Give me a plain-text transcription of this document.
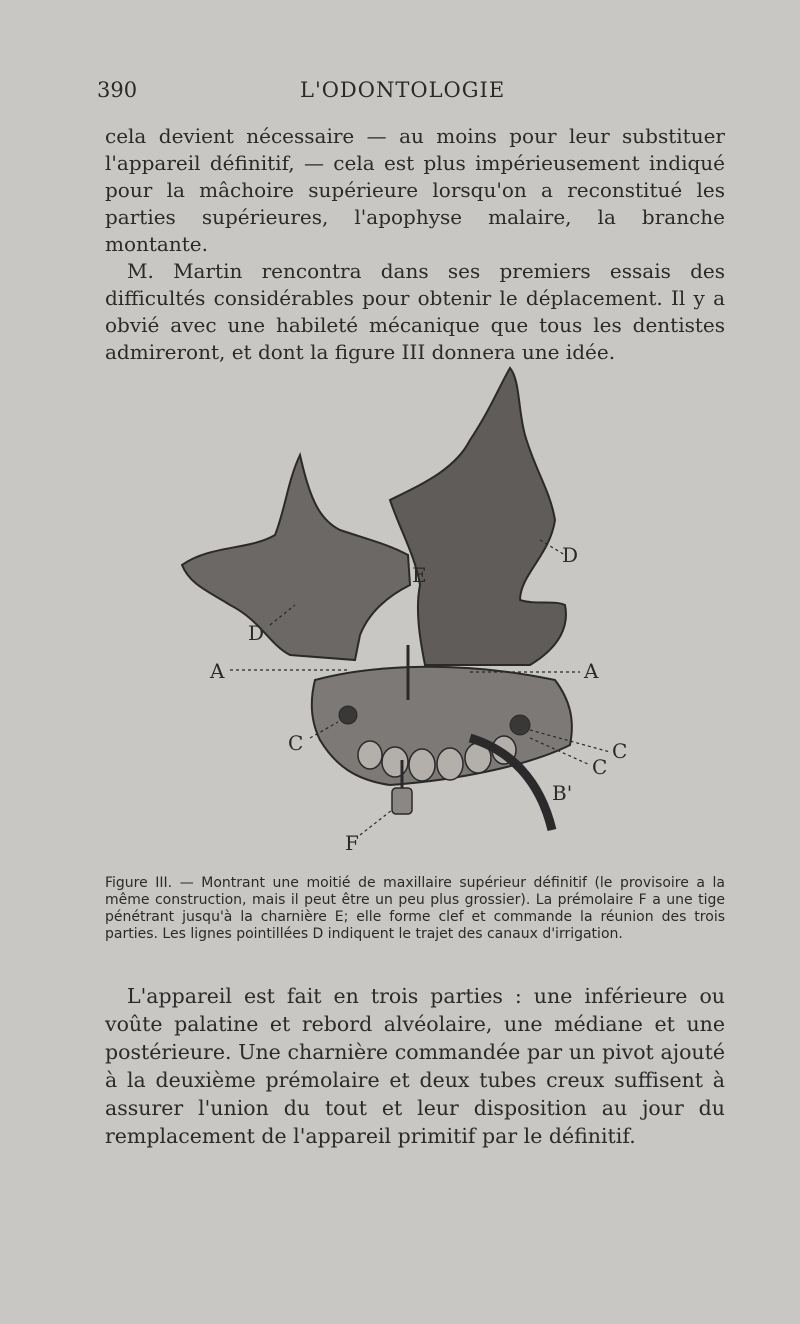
390	L'ODONTOLOGIE

cela devient nécessaire — au moins pour leur substituer l'appareil définitif, — cela est plus impérieusement indiqué pour la mâchoire supérieure lorsqu'on a reconstitué les parties supérieures, l'apophyse malaire, la branche montante.

M. Martin rencontra dans ses premiers essais des difficultés considérables pour obtenir le déplacement. Il y a obvié avec une habileté mécanique que tous les dentistes admireront, et dont la figure III donnera une idée.

D
D
E
A	A
C	C
C
B'
F
Figure III. — Montrant une moitié de maxillaire supérieur définitif (le provisoire a la même construction, mais il peut être un peu plus grossier). La prémolaire F a une tige pénétrant jusqu'à la charnière E; elle forme clef et commande la réunion des trois parties. Les lignes pointillées D indiquent le trajet des canaux d'irrigation.

L'appareil est fait en trois parties : une inférieure ou voûte palatine et rebord alvéolaire, une médiane et une postérieure. Une charnière commandée par un pivot ajouté à la deuxième prémolaire et deux tubes creux suffisent à assurer l'union du tout et leur disposition au jour du remplacement de l'appareil primitif par le définitif.
